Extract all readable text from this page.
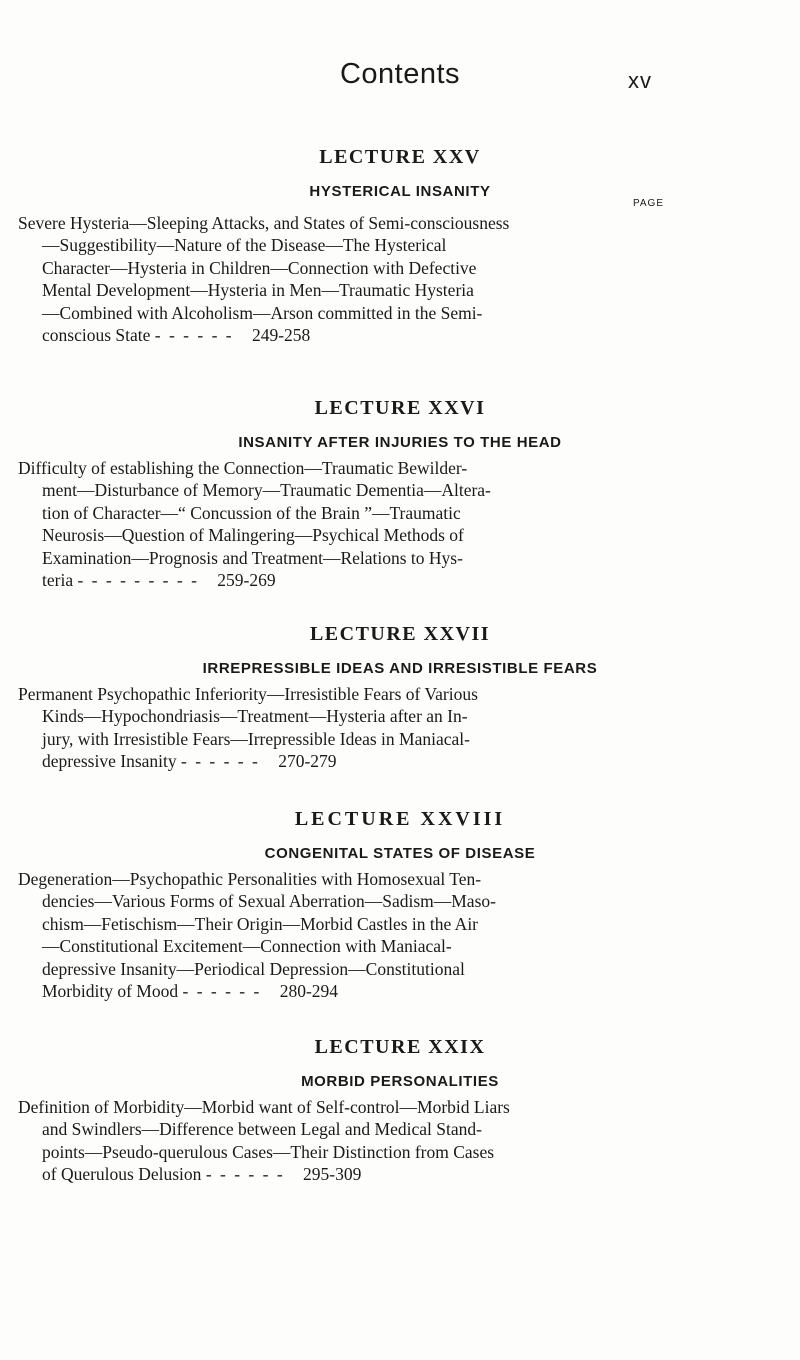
Contents	xv
LECTURE XXV
HYSTERICAL INSANITY
PAGE
Severe Hysteria—Sleeping Attacks, and States of Semi-consciousness
—Suggestibility—Nature of the Disease—The Hysterical
Character—Hysteria in Children—Connection with Defective
Mental Development—Hysteria in Men—Traumatic Hysteria
—Combined with Alcoholism—Arson committed in the Semi-
conscious State - - - - - - 249-258
LECTURE XXVI
INSANITY AFTER INJURIES TO THE HEAD
Difficulty of establishing the Connection—Traumatic Bewilder-
ment—Disturbance of Memory—Traumatic Dementia—Altera-
tion of Character—“ Concussion of the Brain ”—Traumatic
Neurosis—Question of Malingering—Psychical Methods of
Examination—Prognosis and Treatment—Relations to Hys-
teria - - - - - - - - - 259-269
LECTURE XXVII
IRREPRESSIBLE IDEAS AND IRRESISTIBLE FEARS
Permanent Psychopathic Inferiority—Irresistible Fears of Various
Kinds—Hypochondriasis—Treatment—Hysteria after an In-
jury, with Irresistible Fears—Irrepressible Ideas in Maniacal-
depressive Insanity - - - - - - 270-279
LECTURE XXVIII
CONGENITAL STATES OF DISEASE
Degeneration—Psychopathic Personalities with Homosexual Ten-
dencies—Various Forms of Sexual Aberration—Sadism—Maso-
chism—Fetischism—Their Origin—Morbid Castles in the Air
—Constitutional Excitement—Connection with Maniacal-
depressive Insanity—Periodical Depression—Constitutional
Morbidity of Mood - - - - - - 280-294
LECTURE XXIX
MORBID PERSONALITIES
Definition of Morbidity—Morbid want of Self-control—Morbid Liars
and Swindlers—Difference between Legal and Medical Stand-
points—Pseudo-querulous Cases—Their Distinction from Cases
of Querulous Delusion - - - - - - 295-309
